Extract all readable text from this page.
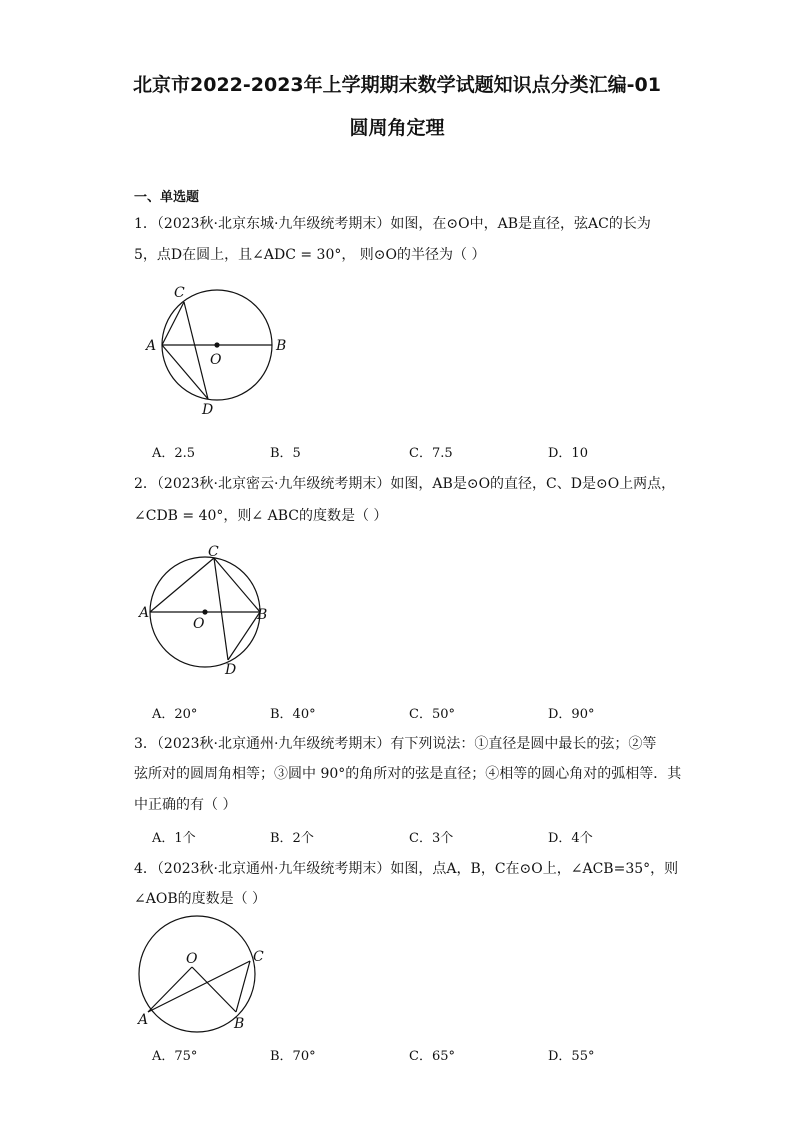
北京市2022-2023年上学期期末数学试题知识点分类汇编-01
圆周角定理
一、单选题
1．（2023秋·北京东城·九年级统考期末）如图，在⊙O中，AB是直径，弦AC的长为
5，点D在圆上，且∠ADC = 30°， 则⊙O的半径为（ ）
C
A
O
B
D
A．2.5	B．5	C．7.5	D．10
2．（2023秋·北京密云·九年级统考期末）如图，AB是⊙O的直径，C、D是⊙O上两点，
∠CDB = 40°，则∠ ABC的度数是（ ）
C
A
O
B
D
A．20°	B．40°	C．50°	D．90°
3．（2023秋·北京通州·九年级统考期末）有下列说法：①直径是圆中最长的弦；②等
弦所对的圆周角相等；③圆中 90°的角所对的弦是直径；④相等的圆心角对的弧相等．其
中正确的有（ ）
A．1个	B．2个	C．3个	D．4个
4．（2023秋·北京通州·九年级统考期末）如图，点A，B，C在⊙O上，∠ACB=35°，则
∠AOB的度数是（ ）
O	C
A	B
A．75°	B．70°	C．65°	D．55°
